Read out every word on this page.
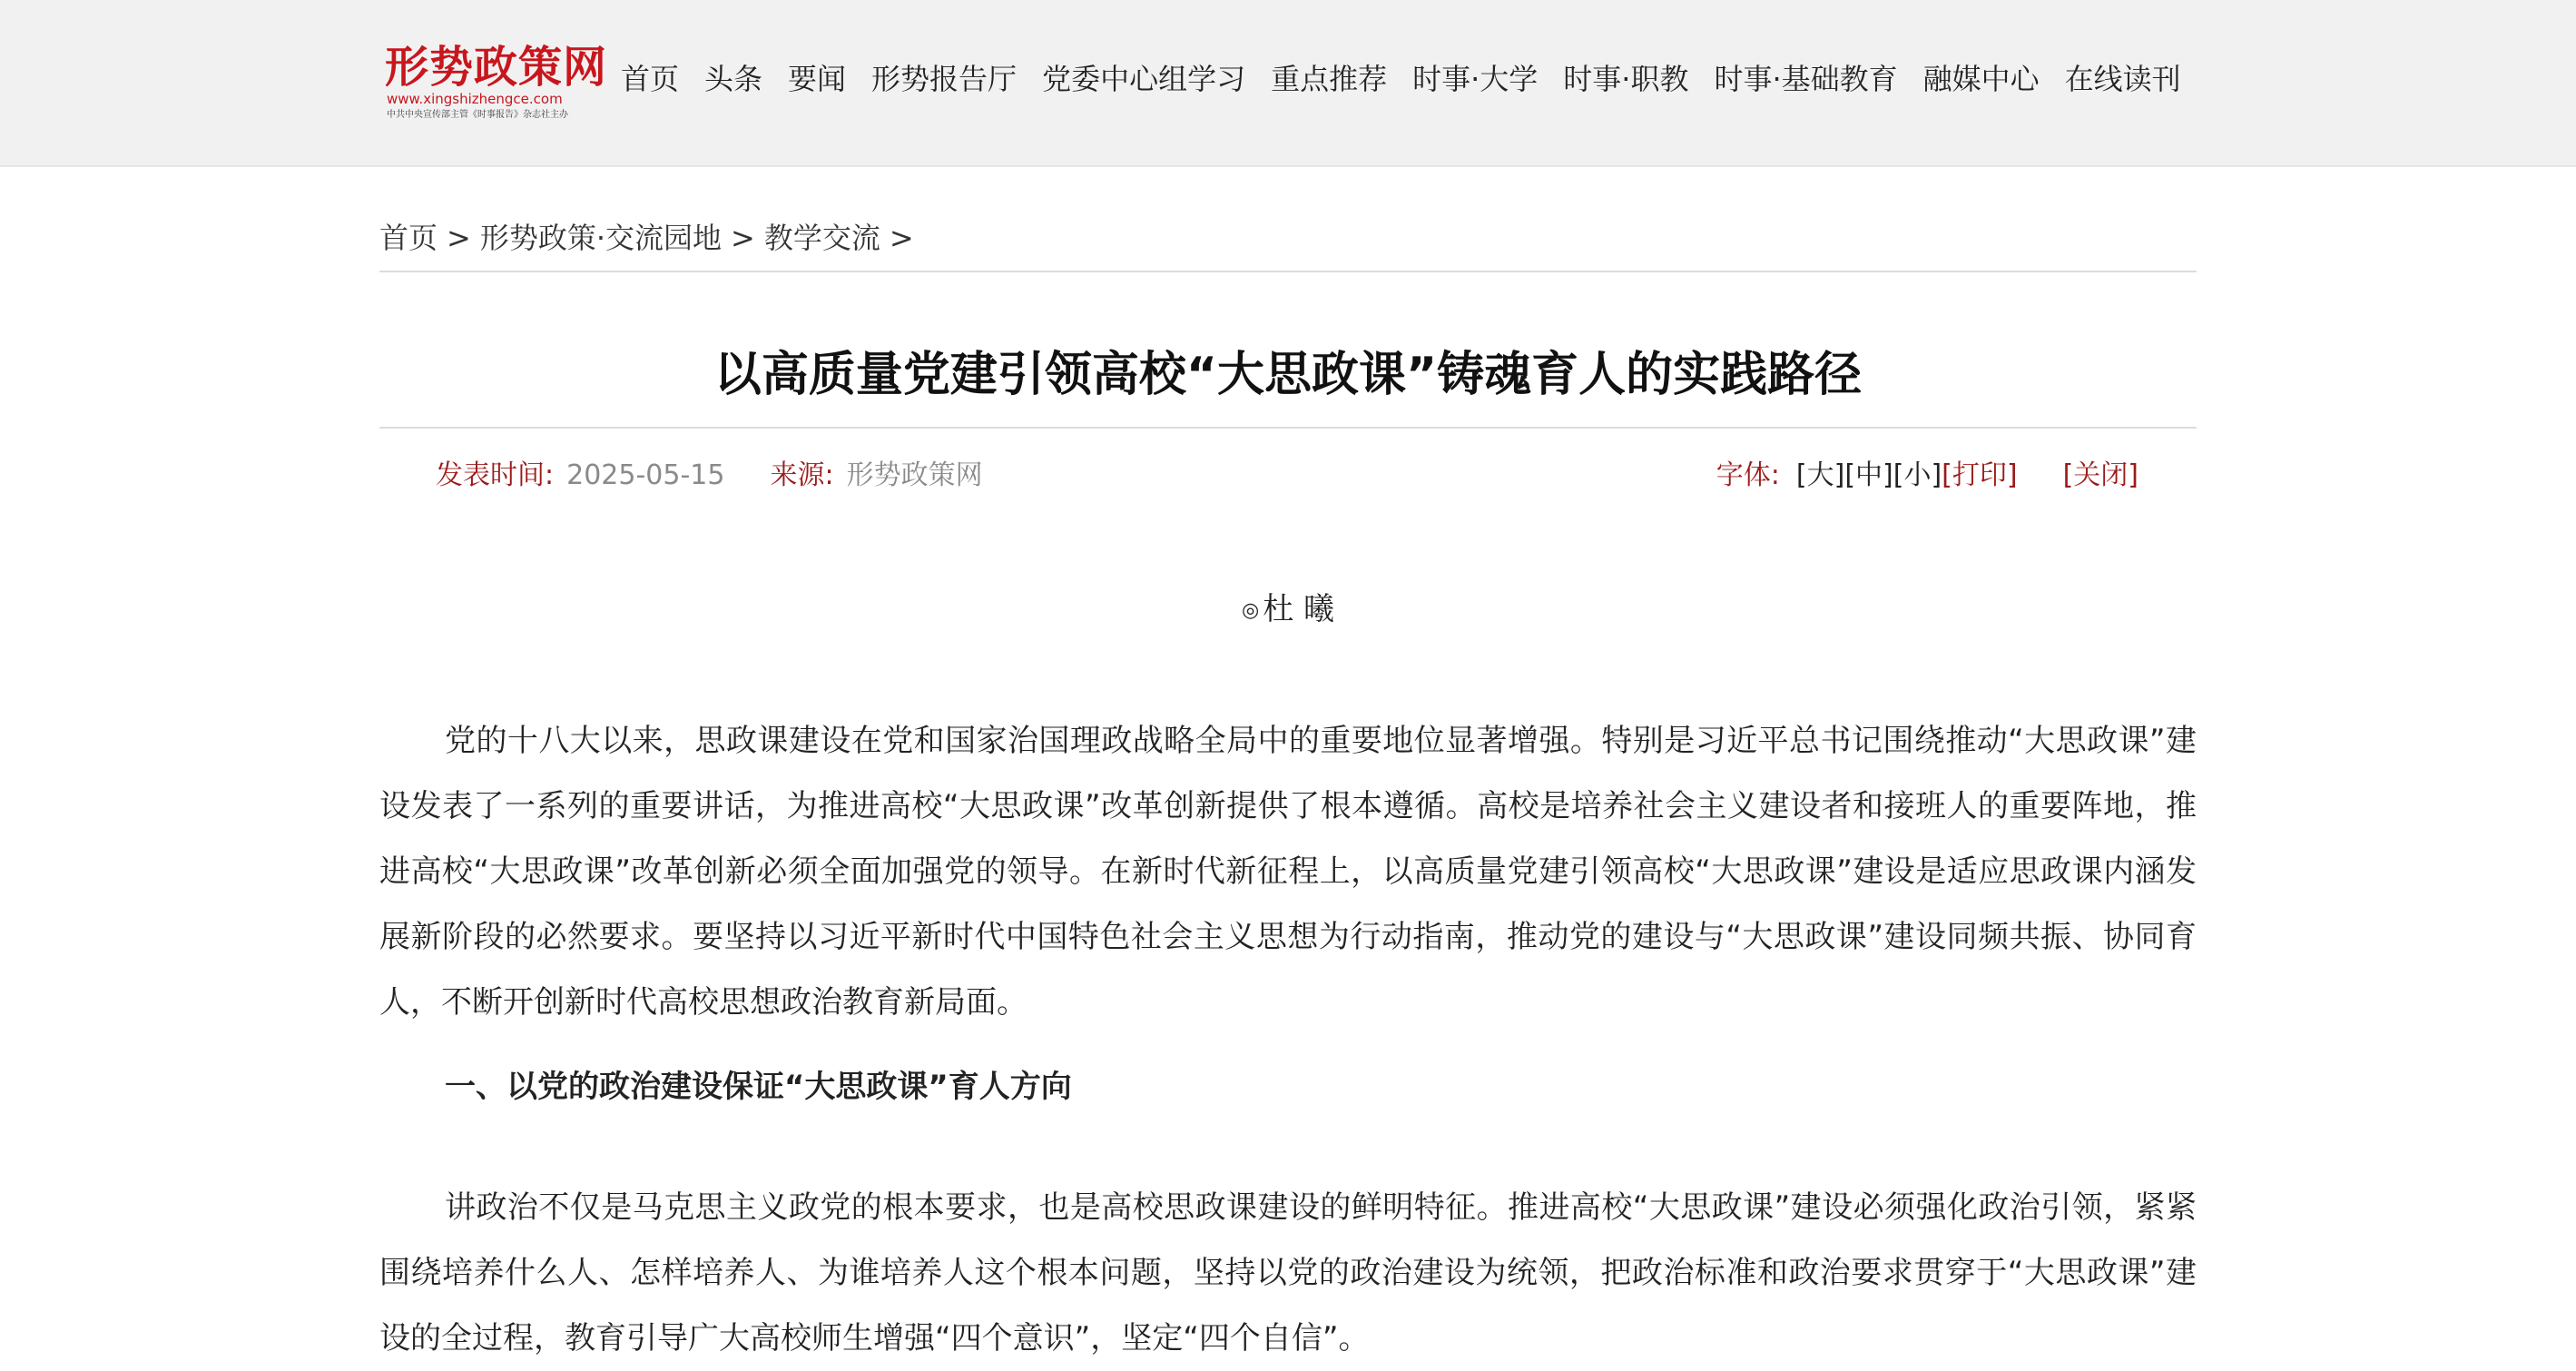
形势政策网
www.xingshizhengce.com
中共中央宣传部主管《时事报告》杂志社主办
首页 头条 要闻 形势报告厅 党委中心组学习 重点推荐 时事·大学 时事·职教 时事·基础教育 融媒中心 在线读刊
首页 > 形势政策·交流园地 > 教学交流 >
以高质量党建引领高校“大思政课”铸魂育人的实践路径
发表时间: 2025-05-15 来源: 形势政策网	字体: [大] [中] [小] [打印] [关闭]
◎ 杜 曦

党的十八大以来，思政课建设在党和国家治国理政战略全局中的重要地位显著增强。特别是习近平总书记围绕推动“大思政课”建设发表了一系列的重要讲话，为推进高校“大思政课”改革创新提供了根本遵循。高校是培养社会主义建设者和接班人的重要阵地，推进高校“大思政课”改革创新必须全面加强党的领导。在新时代新征程上，以高质量党建引领高校“大思政课”建设是适应思政课内涵发展新阶段的必然要求。要坚持以习近平新时代中国特色社会主义思想为行动指南，推动党的建设与“大思政课”建设同频共振、协同育人，不断开创新时代高校思想政治教育新局面。

一、以党的政治建设保证“大思政课”育人方向

讲政治不仅是马克思主义政党的根本要求，也是高校思政课建设的鲜明特征。推进高校“大思政课”建设必须强化政治引领，紧紧围绕培养什么人、怎样培养人、为谁培养人这个根本问题，坚持以党的政治建设为统领，把政治标准和政治要求贯穿于“大思政课”建设的全过程，教育引导广大高校师生增强“四个意识”，坚定“四个自信”。
